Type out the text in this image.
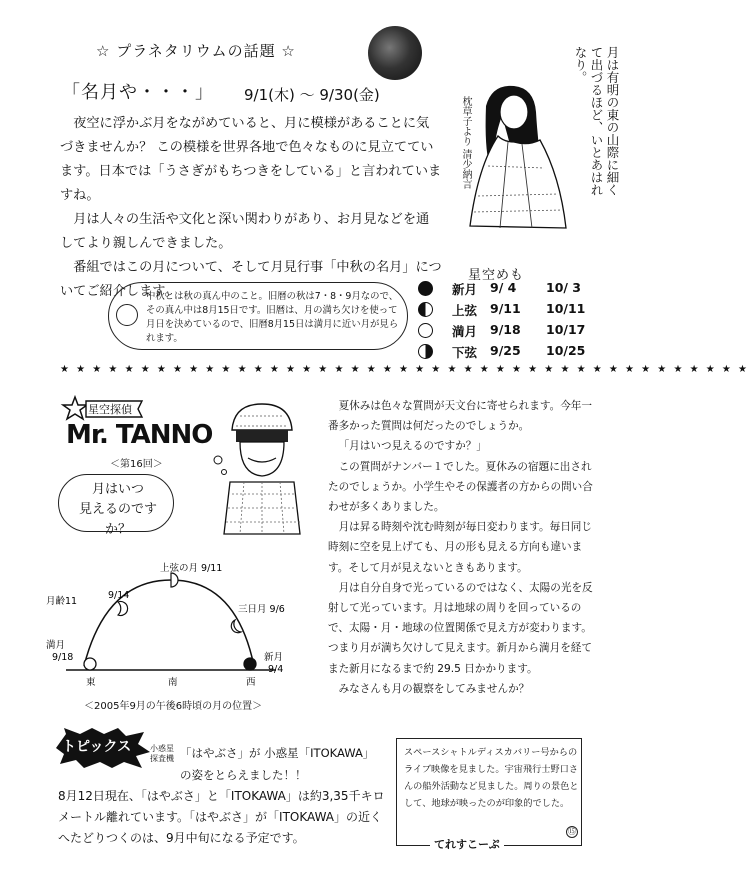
☆ プラネタリウムの話題 ☆
「名月や・・・」 9/1(木) ～ 9/30(金)

夜空に浮かぶ月をながめていると、月に模様があることに気づきませんか？ この模様を世界各地で色々なものに見立てています。日本では「うさぎがもちつきをしている」と言われていますね。

月は人々の生活や文化と深い関わりがあり、お月見などを通してより親しんできました。

番組ではこの月について、そして月見行事「中秋の名月」についてご紹介します。

月は有明の東の山際に細くて出づるほど、いとあはれなり。
枕草子より 清少納言
中秋とは秋の真ん中のこと。旧暦の秋は7・8・9月なので、その真ん中は8月15日です。旧暦は、月の満ち欠けを使って月日を決めているので、旧暦8月15日は満月に近い月が見られます。
星空めも
新月 9/ 4 10/ 3
上弦 9/11 10/11
満月 9/18 10/17
下弦 9/25 10/25
★ ★ ★ ★ ★ ★ ★ ★ ★ ★ ★ ★ ★ ★ ★ ★ ★ ★ ★ ★ ★ ★ ★ ★ ★ ★ ★ ★ ★ ★ ★ ★ ★ ★ ★ ★ ★ ★ ★ ★ ★ ★ ★
星空探偵
Mr. TANNO
＜第16回＞
月はいつ
見えるのですか？

夏休みは色々な質問が天文台に寄せられます。今年一番多かった質問は何だったのでしょうか。

「月はいつ見えるのですか？」

この質問がナンバー１でした。夏休みの宿題に出されたのでしょうか。小学生やその保護者の方からの問い合わせが多くありました。

月は昇る時刻や沈む時刻が毎日変わります。毎日同じ時刻に空を見上げても、月の形も見える方向も違います。そして月が見えないときもあります。

月は自分自身で光っているのではなく、太陽の光を反射して光っています。月は地球の周りを回っているので、太陽・月・地球の位置関係で見え方が変わります。つまり月が満ち欠けして見えます。新月から満月を経てまた新月になるまで約 29.5 日かかります。

みなさんも月の観察をしてみませんか？

上弦の月 9/11
月齢11
9/14
三日月 9/6
満月
9/18	新月
9/4
東	南	西
＜2005年9月の午後6時頃の月の位置＞
トピックス 小惑星探査機 「はやぶさ」が 小惑星「ITOKAWA」の姿をとらえました！！
8月12日現在、「はやぶさ」と「ITOKAWA」は約3,35千キロメートル離れています。「はやぶさ」が「ITOKAWA」の近くへたどりつくのは、9月中旬になる予定です。
スペースシャトルディスカバリー号からのライブ映像を見ました。宇宙飛行士野口さんの船外活動など見ました。周りの景色として、地球が映ったのが印象的でした。
てれすこーぷ
⑮
